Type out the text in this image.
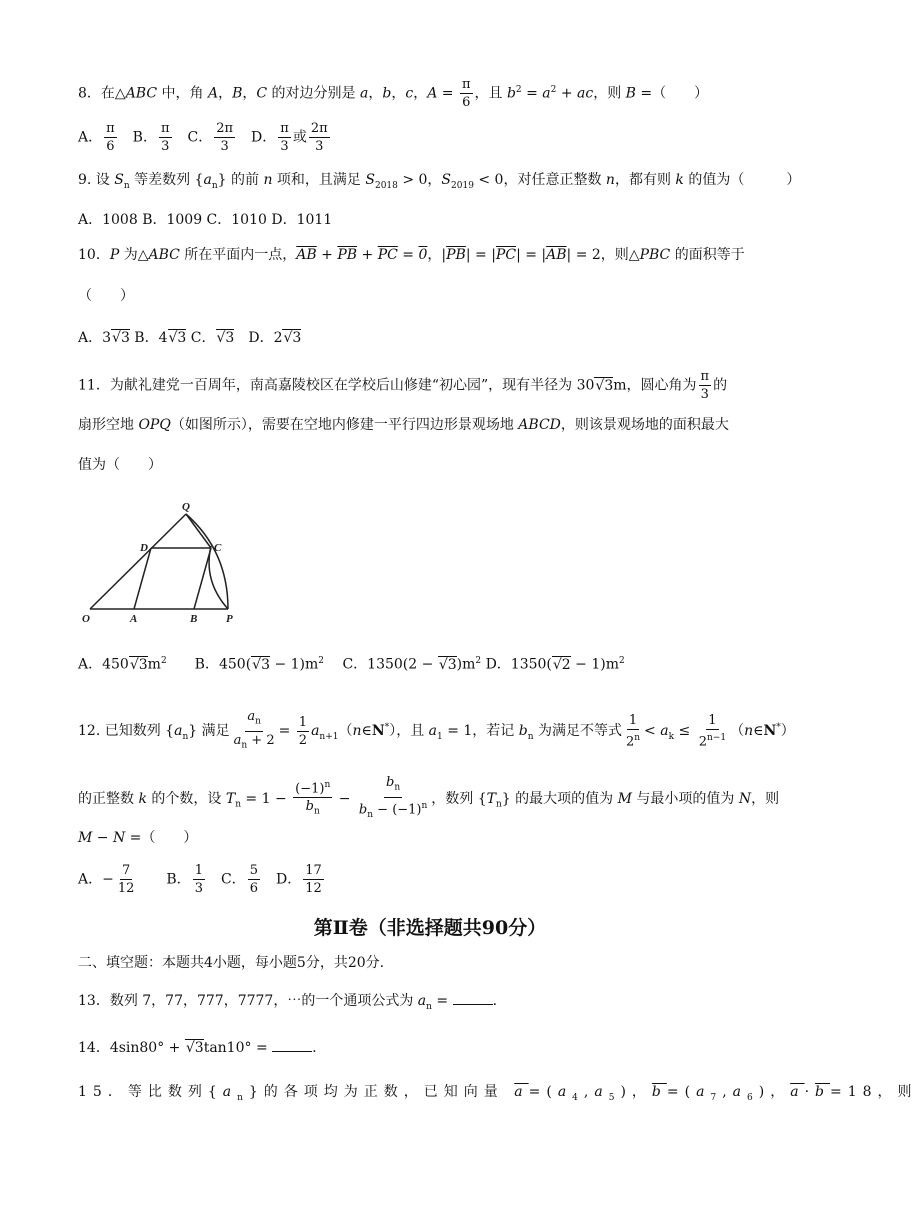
8．在△ABC 中，角 A，B，C 的对边分别是 a，b，c，$A = \frac{\pi}{6}$ ，且 $b^2 = a^2$ + ac，则 B =（　　）
A． $\frac{\pi}{6}$ 　B． $\frac{\pi}{3}$ 　C． $\frac{2\pi}{3}$ 　D． $\frac{\pi}{3}$ 或 $\frac{2\pi}{3}$
9. 设 $S_n$ 等差数列 $\{a_n\}$ 的前 n 项和，且满足 $S_{2018} > 0$，$S_{2019} < 0$，对任意正整数 n，都有则 k 的值为（　　　）
A．1008 B．1009 C．1010 D．1011
10．P 为△ABC 所在平面内一点，$\overline{AB} + \overline{PB} + \overline{PC} = 0$，$|\overline{PB}| = |\overline{PC}| = |\overline{AB}| = 2$，则△PBC 的面积等于
（　　）
A．3√3 B．4√3 C．√3　D．2√3
11．为献礼建党一百周年，南高嘉陵校区在学校后山修建“初心园”，现有半径为 30√3m，圆心角为 $\frac{\pi}{3}$ 的
扇形空地 OPQ（如图所示），需要在空地内修建一平行四边形景观场地 ABCD，则该景观场地的面积最大
值为（　　）
Q
D	C
O	A	B	P
A．$450√3m^2$　　B．$450(√3 - 1)m^2$　 C．$1350(2 - √3)m^2$ D．$1350(√2 - 1)m^2$
12. 已知数列 $\{a_n\}$ 满足 $\frac{a_n}{a_n + 2} = \frac{1}{2}$ $a_{n+1}(n\in N^*)$，且 $a_1 = 1$，若记 $b_n$ 为满足不等式 $\frac{1}{2^n} < a_k \le \frac{1}{2^{n-1}}$ （n∈N*）
的正整数 k 的个数，设 $T_n = 1 - \frac{(-1)^n}{b_n} - \frac{b_n}{b_n - (-1)^n}$ ，数列 $\{T_n\}$ 的最大项的值为 M 与最小项的值为 N，则
M − N =（　　）
A．− $\frac{7}{12}$ 　　B． $\frac{1}{3}$ 　C． $\frac{5}{6}$ 　D． $\frac{17}{12}$
第Ⅱ卷（非选择题共90分）
二、填空题：本题共4小题，每小题5分，共20分.
13．数列 7，77，777，7777，⋯的一个通项公式为 $a_n$ =	.
14．4sin80° + √3tan10° =	.
15．等比数列$\{a_n\}$的各项均为正数，已知向量 $\overline{a}=(a_4,a_5)$，$\overline{b}=(a_7,a_6)$，$\overline{a}\cdot\overline{b}=18$，则
